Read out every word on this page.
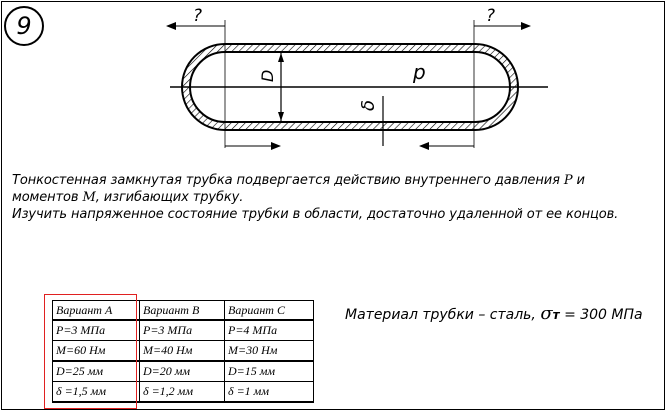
9	?	?
p
D
δ
Тонкостенная замкнутая трубка подвергается действию внутреннего давления P и
моментов M, изгибающих трубку.
Изучить напряженное состояние трубки в области, достаточно удаленной от ее концов.
Вариант A	Вариант B	Вариант C
P=3 МПа	P=3 МПа	P=4 МПа
M=60 Нм	M=40 Нм	M=30 Нм
D=25 мм	D=20 мм	D=15 мм
δ =1,5 мм	δ =1,2 мм	δ =1 мм
Материал трубки – сталь, σт = 300 МПа
